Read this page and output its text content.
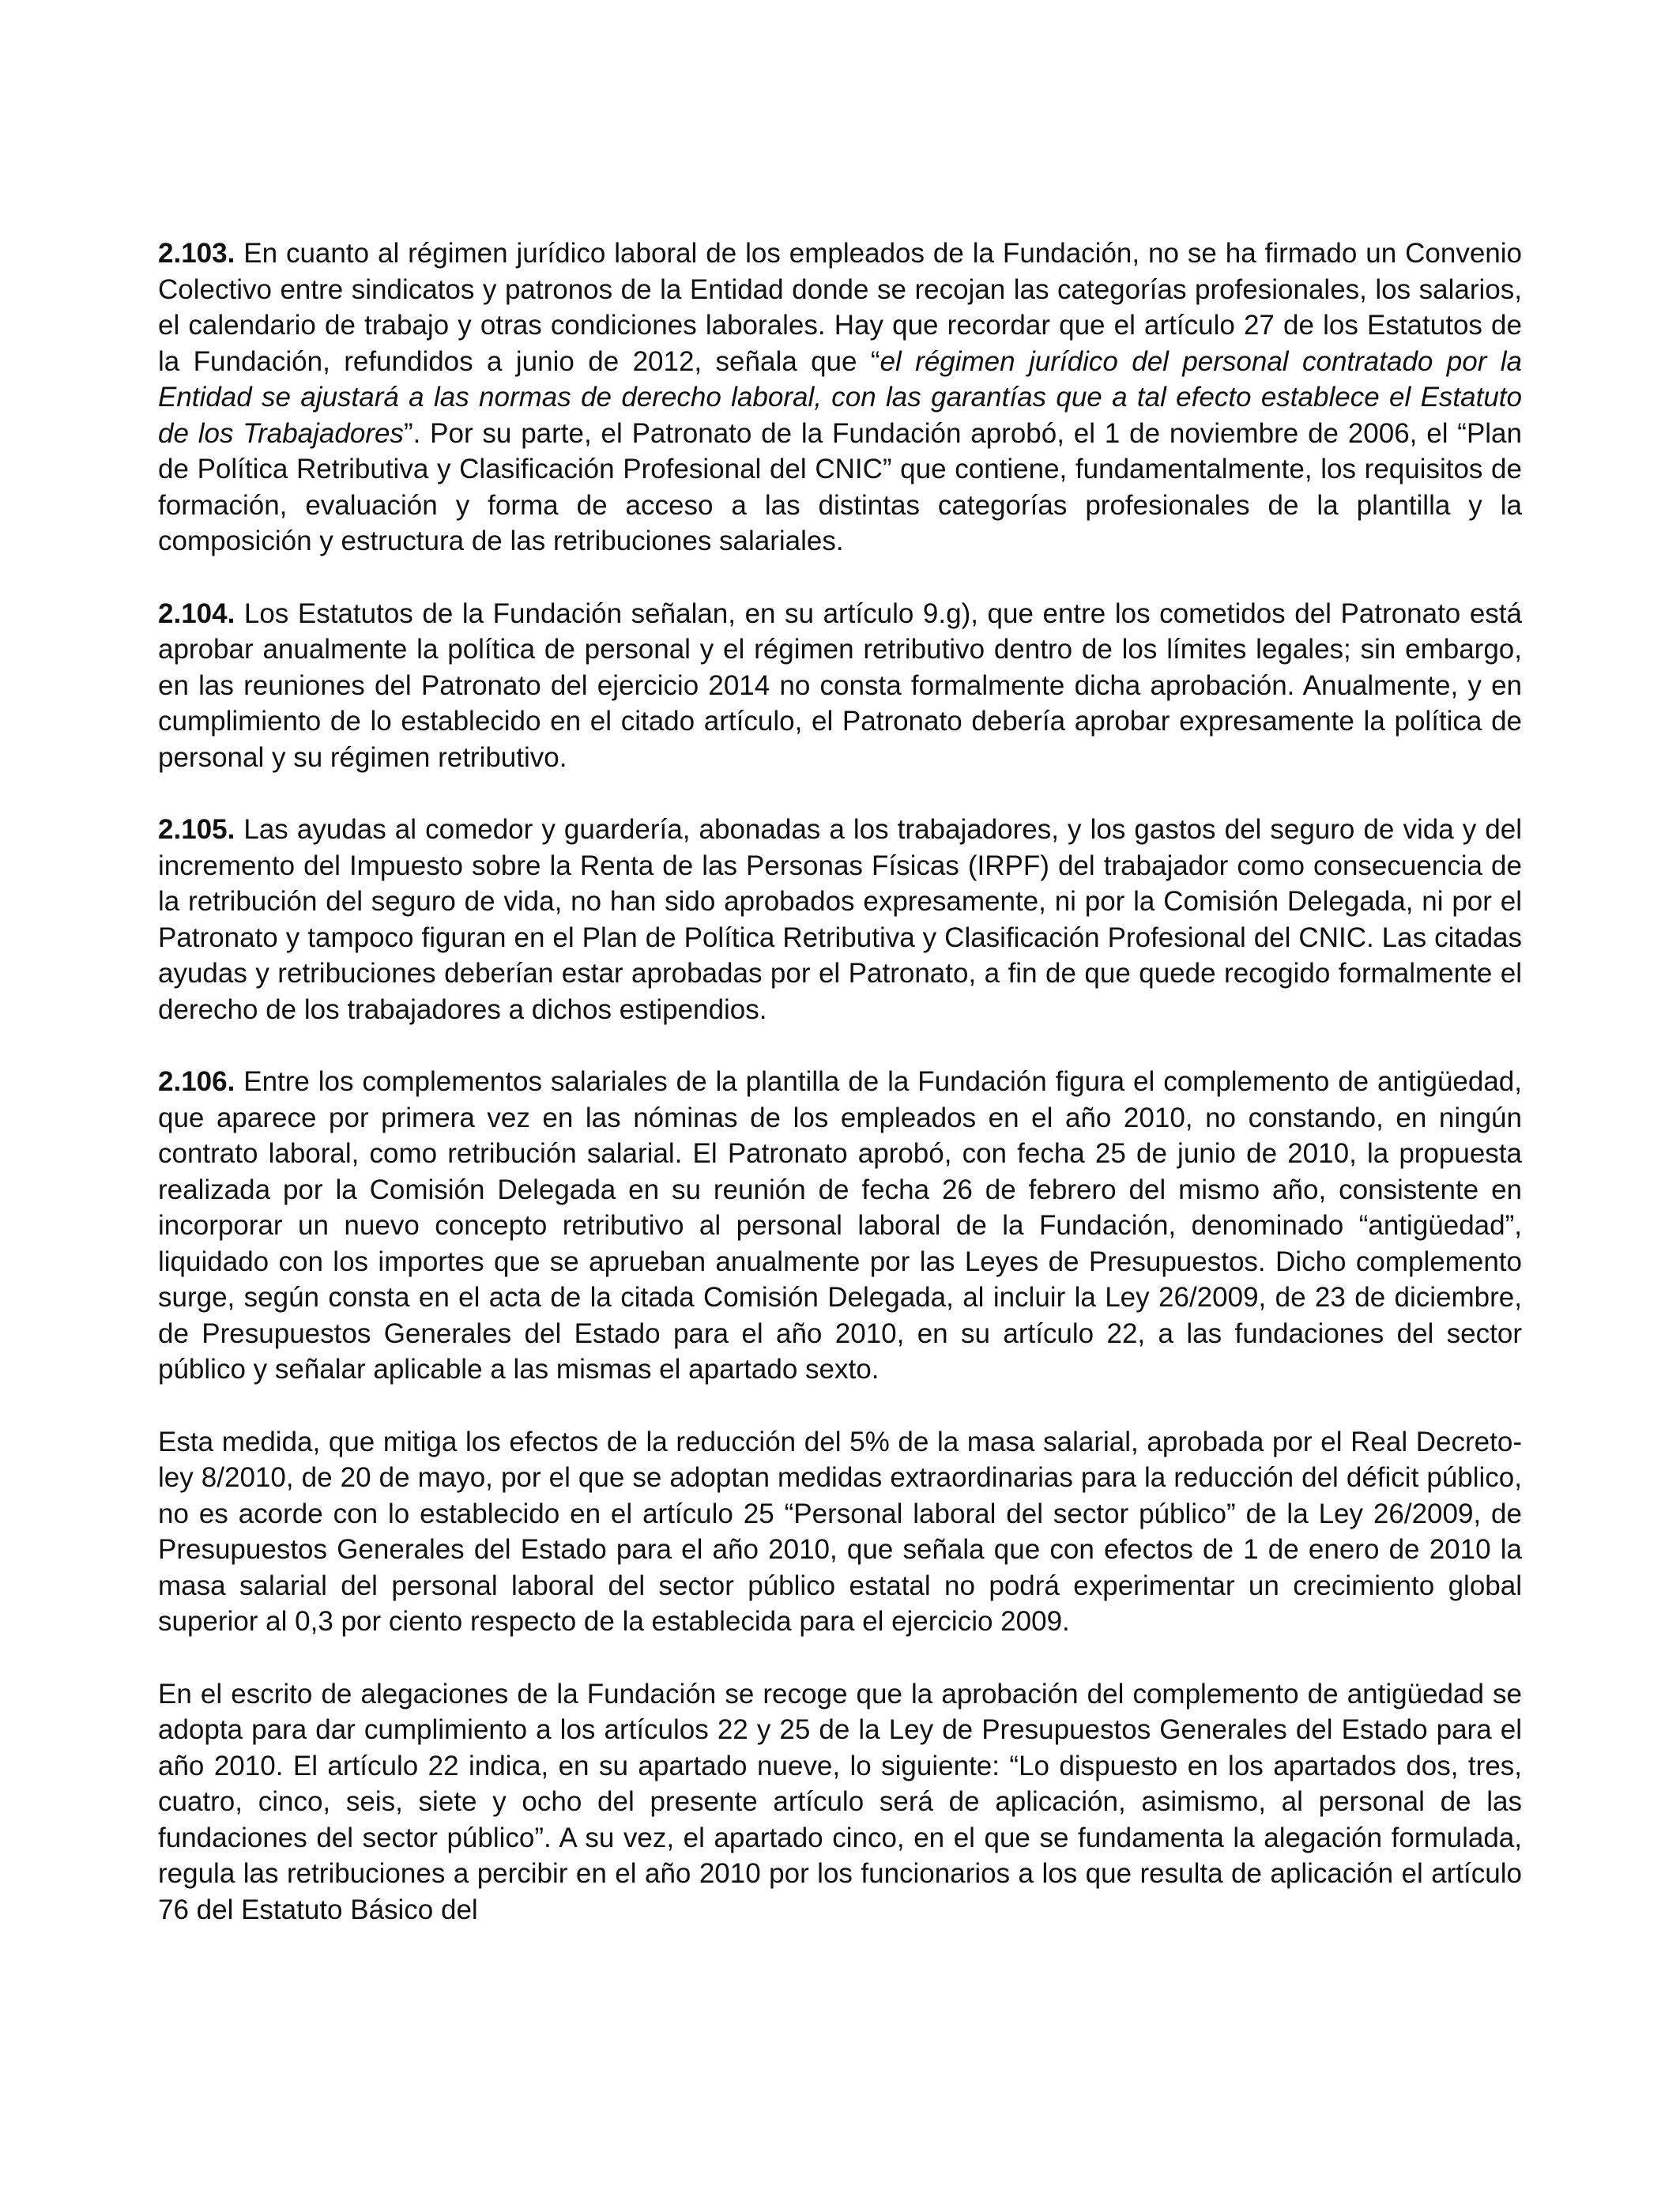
2.103. En cuanto al régimen jurídico laboral de los empleados de la Fundación, no se ha firmado un Convenio Colectivo entre sindicatos y patronos de la Entidad donde se recojan las categorías profesionales, los salarios, el calendario de trabajo y otras condiciones laborales. Hay que recordar que el artículo 27 de los Estatutos de la Fundación, refundidos a junio de 2012, señala que “el régimen jurídico del personal contratado por la Entidad se ajustará a las normas de derecho laboral, con las garantías que a tal efecto establece el Estatuto de los Trabajadores”. Por su parte, el Patronato de la Fundación aprobó, el 1 de noviembre de 2006, el “Plan de Política Retributiva y Clasificación Profesional del CNIC” que contiene, fundamentalmente, los requisitos de formación, evaluación y forma de acceso a las distintas categorías profesionales de la plantilla y la composición y estructura de las retribuciones salariales.

2.104. Los Estatutos de la Fundación señalan, en su artículo 9.g), que entre los cometidos del Patronato está aprobar anualmente la política de personal y el régimen retributivo dentro de los límites legales; sin embargo, en las reuniones del Patronato del ejercicio 2014 no consta formalmente dicha aprobación. Anualmente, y en cumplimiento de lo establecido en el citado artículo, el Patronato debería aprobar expresamente la política de personal y su régimen retributivo.

2.105. Las ayudas al comedor y guardería, abonadas a los trabajadores, y los gastos del seguro de vida y del incremento del Impuesto sobre la Renta de las Personas Físicas (IRPF) del trabajador como consecuencia de la retribución del seguro de vida, no han sido aprobados expresamente, ni por la Comisión Delegada, ni por el Patronato y tampoco figuran en el Plan de Política Retributiva y Clasificación Profesional del CNIC. Las citadas ayudas y retribuciones deberían estar aprobadas por el Patronato, a fin de que quede recogido formalmente el derecho de los trabajadores a dichos estipendios.

2.106. Entre los complementos salariales de la plantilla de la Fundación figura el complemento de antigüedad, que aparece por primera vez en las nóminas de los empleados en el año 2010, no constando, en ningún contrato laboral, como retribución salarial. El Patronato aprobó, con fecha 25 de junio de 2010, la propuesta realizada por la Comisión Delegada en su reunión de fecha 26 de febrero del mismo año, consistente en incorporar un nuevo concepto retributivo al personal laboral de la Fundación, denominado “antigüedad”, liquidado con los importes que se aprueban anualmente por las Leyes de Presupuestos. Dicho complemento surge, según consta en el acta de la citada Comisión Delegada, al incluir la Ley 26/2009, de 23 de diciembre, de Presupuestos Generales del Estado para el año 2010, en su artículo 22, a las fundaciones del sector público y señalar aplicable a las mismas el apartado sexto.

Esta medida, que mitiga los efectos de la reducción del 5% de la masa salarial, aprobada por el Real Decreto-ley 8/2010, de 20 de mayo, por el que se adoptan medidas extraordinarias para la reducción del déficit público, no es acorde con lo establecido en el artículo 25 “Personal laboral del sector público” de la Ley 26/2009, de Presupuestos Generales del Estado para el año 2010, que señala que con efectos de 1 de enero de 2010 la masa salarial del personal laboral del sector público estatal no podrá experimentar un crecimiento global superior al 0,3 por ciento respecto de la establecida para el ejercicio 2009.

En el escrito de alegaciones de la Fundación se recoge que la aprobación del complemento de antigüedad se adopta para dar cumplimiento a los artículos 22 y 25 de la Ley de Presupuestos Generales del Estado para el año 2010. El artículo 22 indica, en su apartado nueve, lo siguiente: “Lo dispuesto en los apartados dos, tres, cuatro, cinco, seis, siete y ocho del presente artículo será de aplicación, asimismo, al personal de las fundaciones del sector público”. A su vez, el apartado cinco, en el que se fundamenta la alegación formulada, regula las retribuciones a percibir en el año 2010 por los funcionarios a los que resulta de aplicación el artículo 76 del Estatuto Básico del
